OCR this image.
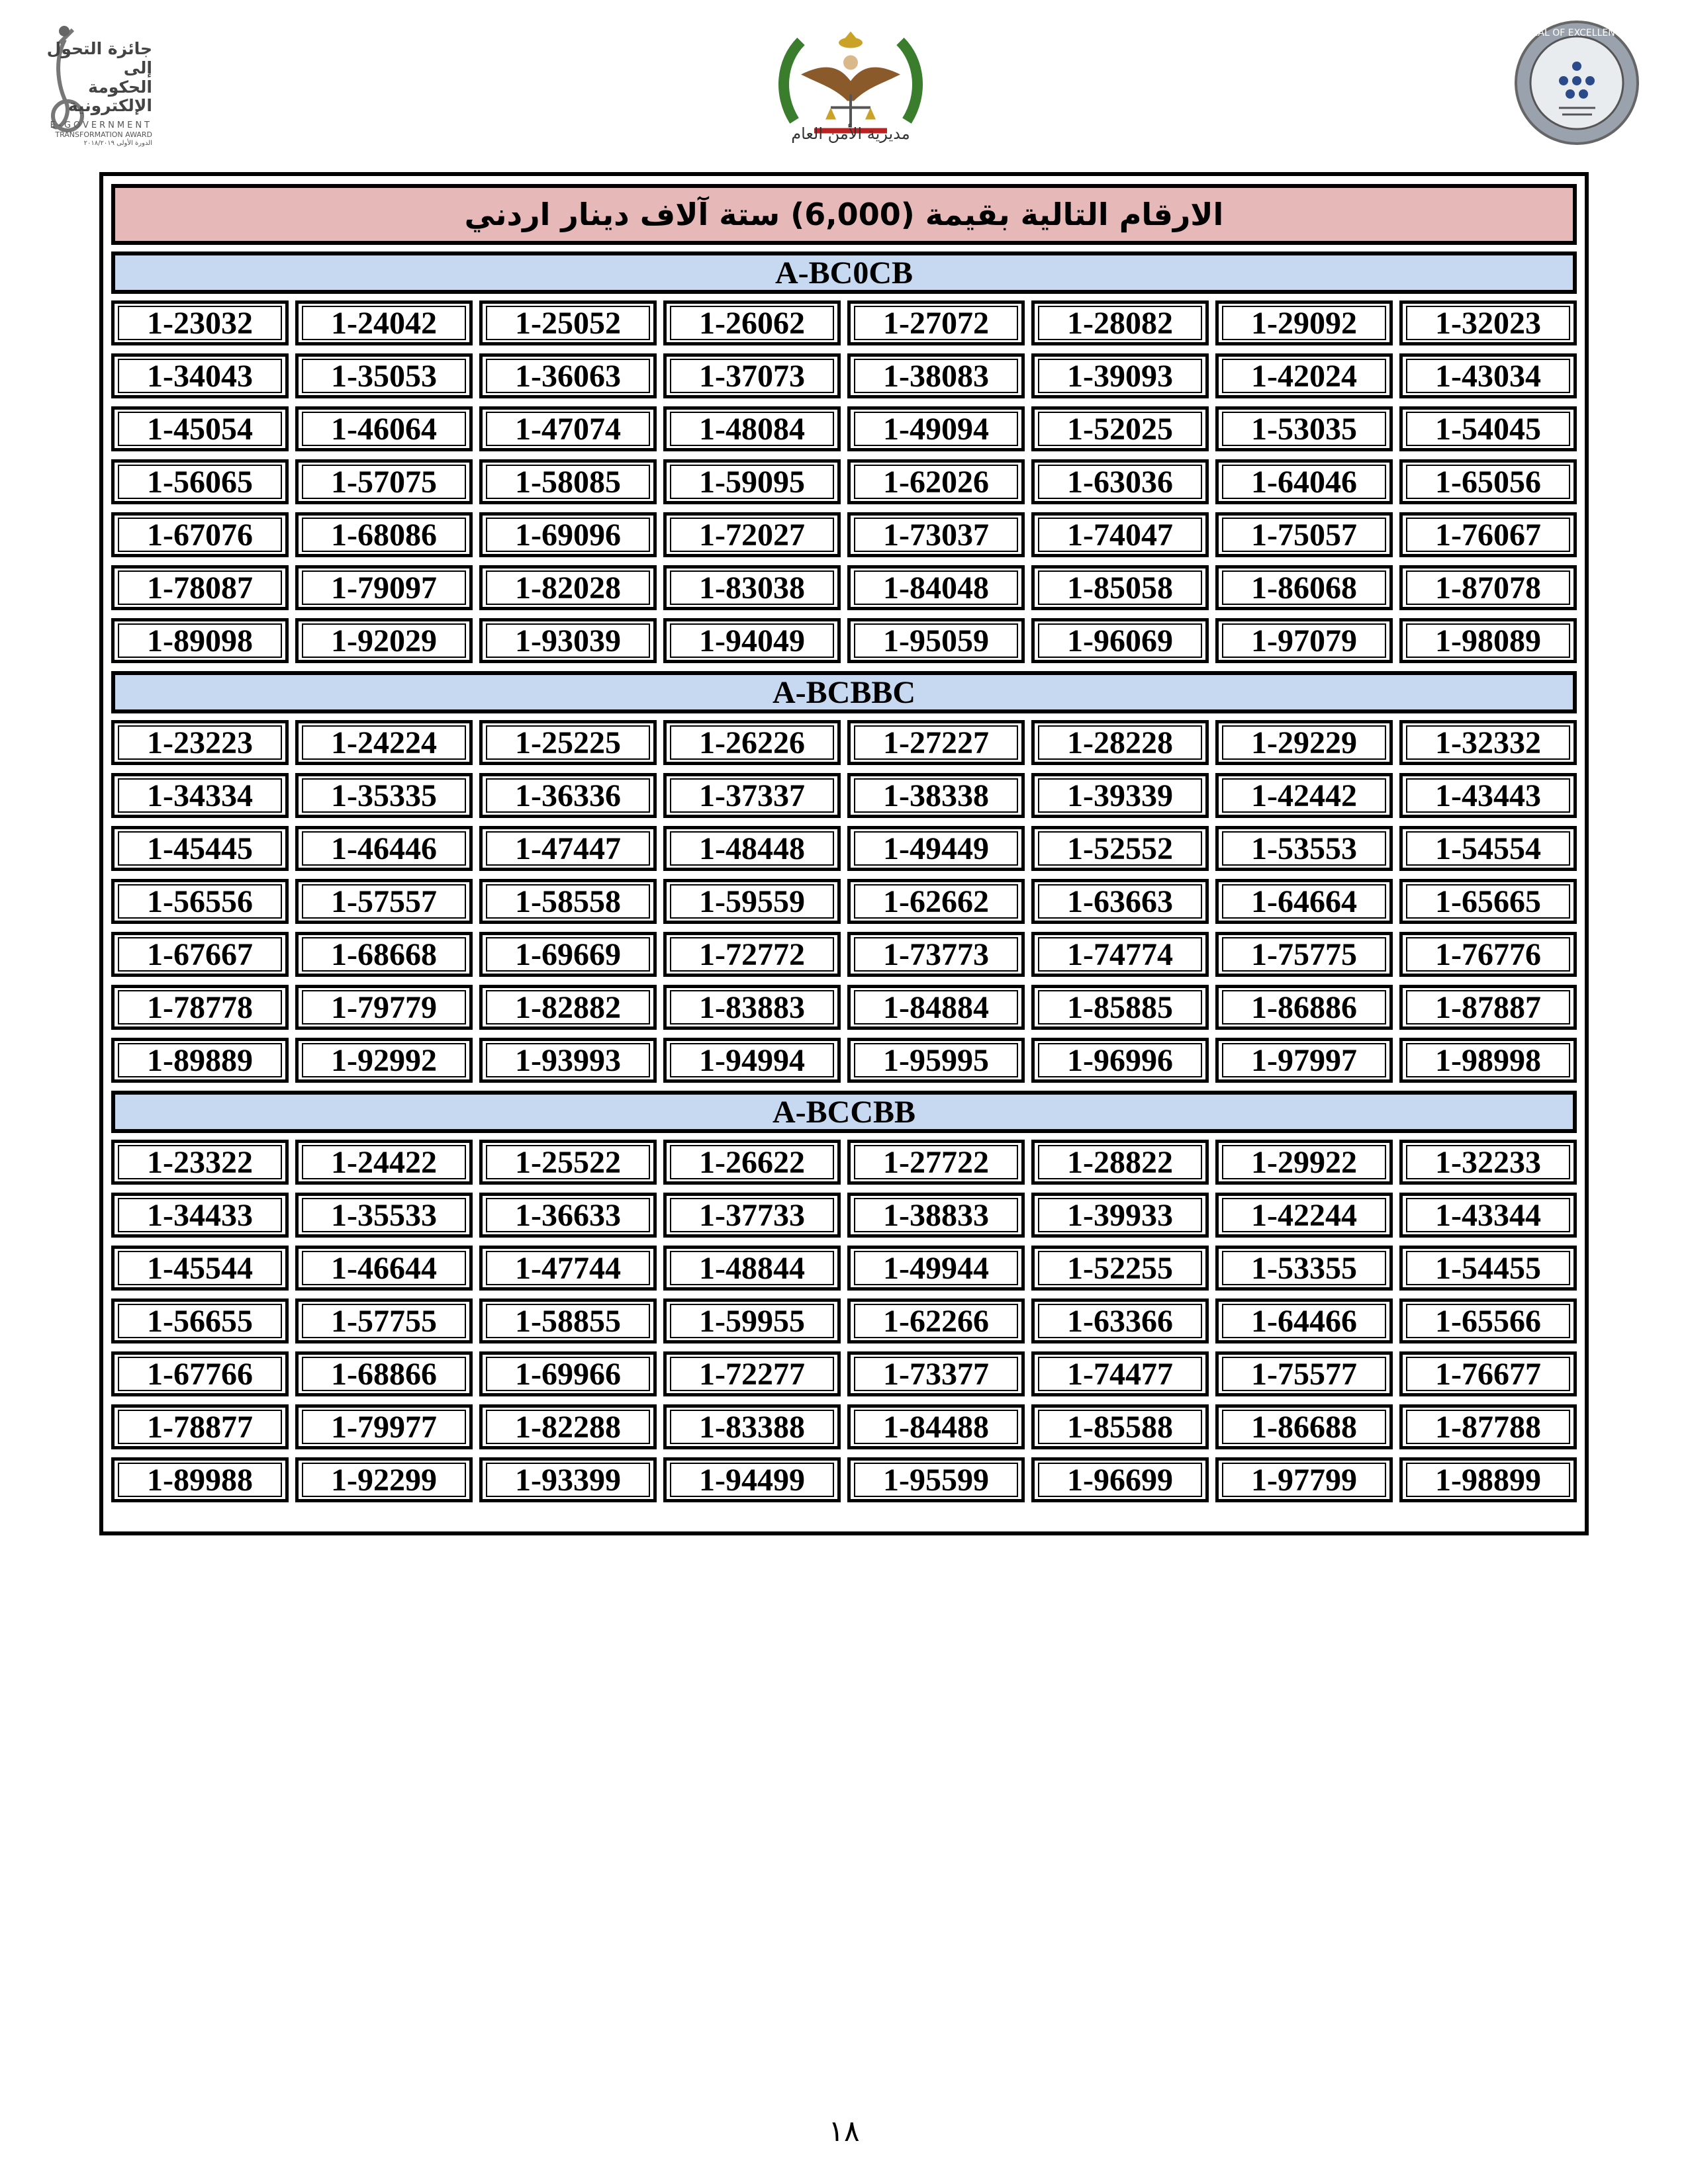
جائزة التحول إلى
الحكومة الإلكترونية
E-GOVERNMENT
TRANSFORMATION AWARD
الدورة الأولى ٢٠١٨/٢٠١٩
مديرية الأمن العام
SEAL OF EXCELLENCE
الارقام التالية بقيمة (6,000) ستة آلاف دينار اردني
A-BC0CB
1-23032	1-24042	1-25052	1-26062	1-27072	1-28082	1-29092	1-32023
1-34043	1-35053	1-36063	1-37073	1-38083	1-39093	1-42024	1-43034
1-45054	1-46064	1-47074	1-48084	1-49094	1-52025	1-53035	1-54045
1-56065	1-57075	1-58085	1-59095	1-62026	1-63036	1-64046	1-65056
1-67076	1-68086	1-69096	1-72027	1-73037	1-74047	1-75057	1-76067
1-78087	1-79097	1-82028	1-83038	1-84048	1-85058	1-86068	1-87078
1-89098	1-92029	1-93039	1-94049	1-95059	1-96069	1-97079	1-98089
A-BCBBC
1-23223	1-24224	1-25225	1-26226	1-27227	1-28228	1-29229	1-32332
1-34334	1-35335	1-36336	1-37337	1-38338	1-39339	1-42442	1-43443
1-45445	1-46446	1-47447	1-48448	1-49449	1-52552	1-53553	1-54554
1-56556	1-57557	1-58558	1-59559	1-62662	1-63663	1-64664	1-65665
1-67667	1-68668	1-69669	1-72772	1-73773	1-74774	1-75775	1-76776
1-78778	1-79779	1-82882	1-83883	1-84884	1-85885	1-86886	1-87887
1-89889	1-92992	1-93993	1-94994	1-95995	1-96996	1-97997	1-98998
A-BCCBB
1-23322	1-24422	1-25522	1-26622	1-27722	1-28822	1-29922	1-32233
1-34433	1-35533	1-36633	1-37733	1-38833	1-39933	1-42244	1-43344
1-45544	1-46644	1-47744	1-48844	1-49944	1-52255	1-53355	1-54455
1-56655	1-57755	1-58855	1-59955	1-62266	1-63366	1-64466	1-65566
1-67766	1-68866	1-69966	1-72277	1-73377	1-74477	1-75577	1-76677
1-78877	1-79977	1-82288	1-83388	1-84488	1-85588	1-86688	1-87788
1-89988	1-92299	1-93399	1-94499	1-95599	1-96699	1-97799	1-98899
١٨
